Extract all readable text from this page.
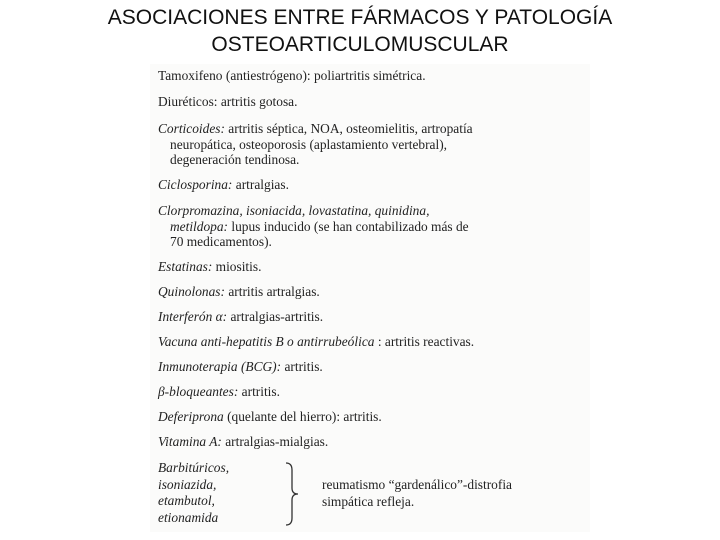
ASOCIACIONES ENTRE FÁRMACOS Y PATOLOGÍA
OSTEOARTICULOMUSCULAR
Tamoxifeno (antiestrógeno): poliartritis simétrica.
Diuréticos: artritis gotosa.
Corticoides: artritis séptica, NOA, osteomielitis, artropatía
neuropática, osteoporosis (aplastamiento vertebral),
degeneración tendinosa.
Ciclosporina: artralgias.
Clorpromazina, isoniacida, lovastatina, quinidina,
metildopa: lupus inducido (se han contabilizado más de
70 medicamentos).
Estatinas: miositis.
Quinolonas: artritis artralgias.
Interferón α: artralgias-artritis.
Vacuna anti-hepatitis B o antirrubeólica : artritis reactivas.
Inmunoterapia (BCG): artritis.
β-bloqueantes: artritis.
Deferiprona (quelante del hierro): artritis.
Vitamina A: artralgias-mialgias.
Barbitúricos,
isoniazida,
etambutol,
etionamida
reumatismo “gardenálico”-distrofia
simpática refleja.
